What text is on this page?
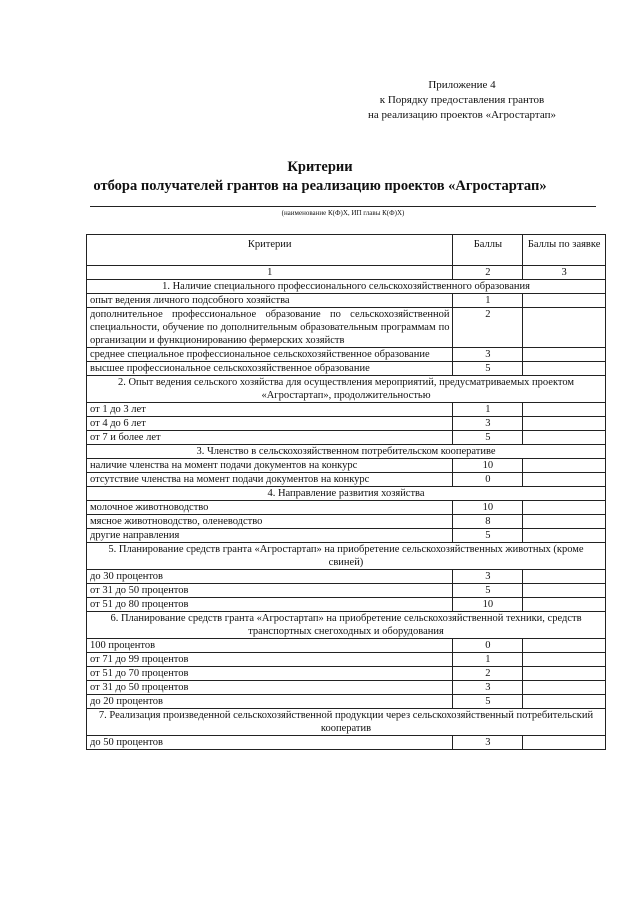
Приложение 4
к Порядку предоставления грантов
на реализацию проектов «Агростартап»
Критерии
отбора получателей грантов на реализацию проектов «Агростартап»
(наименование К(Ф)Х, ИП главы К(Ф)Х)
Критерии	Баллы	Баллы по заявке
1	2	3
1. Наличие специального профессионального сельскохозяйственного образования		
опыт ведения личного подсобного хозяйства	1	
дополнительное профессиональное образование по сельскохозяйственной специальности, обучение по дополнительным образовательным программам по организации и функционированию фермерских хозяйств	2	
среднее специальное профессиональное сельскохозяйственное образование	3	
высшее профессиональное сельскохозяйственное образование	5	
2. Опыт ведения сельского хозяйства для осуществления мероприятий, предусматриваемых проектом «Агростартап», продолжительностью		
от 1 до 3 лет	1	
от 4 до 6 лет	3	
от 7 и более лет	5	
3. Членство в сельскохозяйственном потребительском кооперативе		
наличие членства на момент подачи документов на конкурс	10	
отсутствие членства на момент подачи документов на конкурс	0	
4. Направление развития хозяйства		
молочное животноводство	10	
мясное животноводство, оленеводство	8	
другие направления	5	
5. Планирование средств гранта «Агростартап» на приобретение сельскохозяйственных животных (кроме свиней)		
до 30 процентов	3	
от 31 до 50 процентов	5	
от 51 до 80 процентов	10	
6. Планирование средств гранта «Агростартап» на приобретение сельскохозяйственной техники, средств транспортных снегоходных и оборудования		
100 процентов	0	
от 71 до 99 процентов	1	
от 51 до 70 процентов	2	
от 31 до 50 процентов	3	
до 20 процентов	5	
7. Реализация произведенной сельскохозяйственной продукции через сельскохозяйственный потребительский кооператив		
до 50 процентов	3	
